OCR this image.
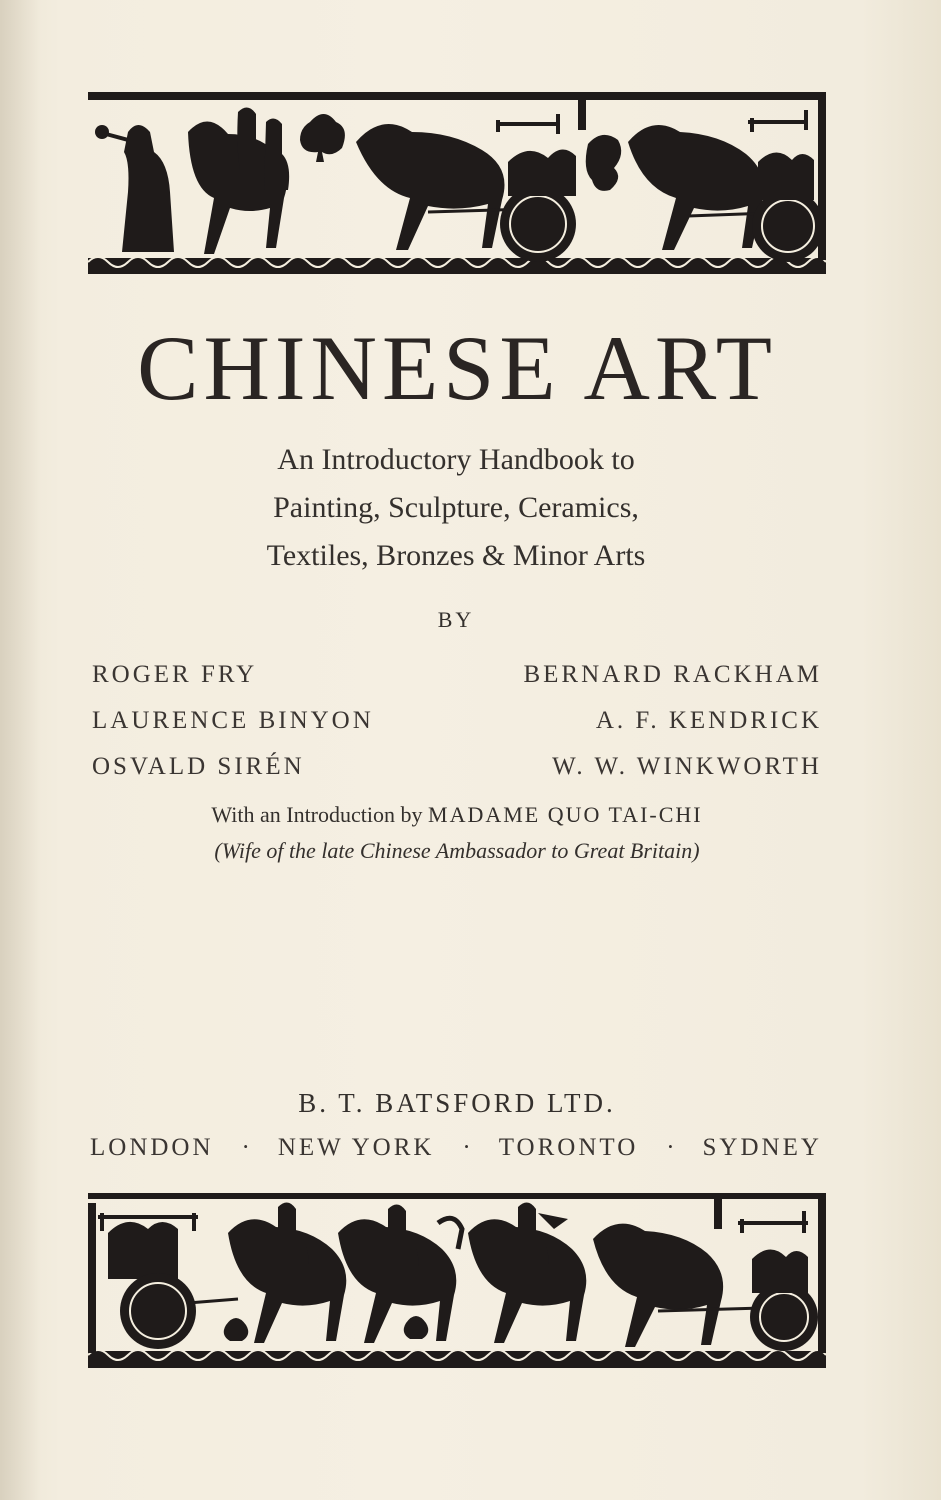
CHINESE ART
An Introductory Handbook to
Painting, Sculpture, Ceramics,
Textiles, Bronzes & Minor Arts
BY
ROGER FRY	BERNARD RACKHAM
LAURENCE BINYON	A. F. KENDRICK
OSVALD SIRÉN	W. W. WINKWORTH
With an Introduction by MADAME QUO TAI-CHI
(Wife of the late Chinese Ambassador to Great Britain)
B. T. BATSFORD LTD.
LONDON · NEW YORK · TORONTO · SYDNEY
